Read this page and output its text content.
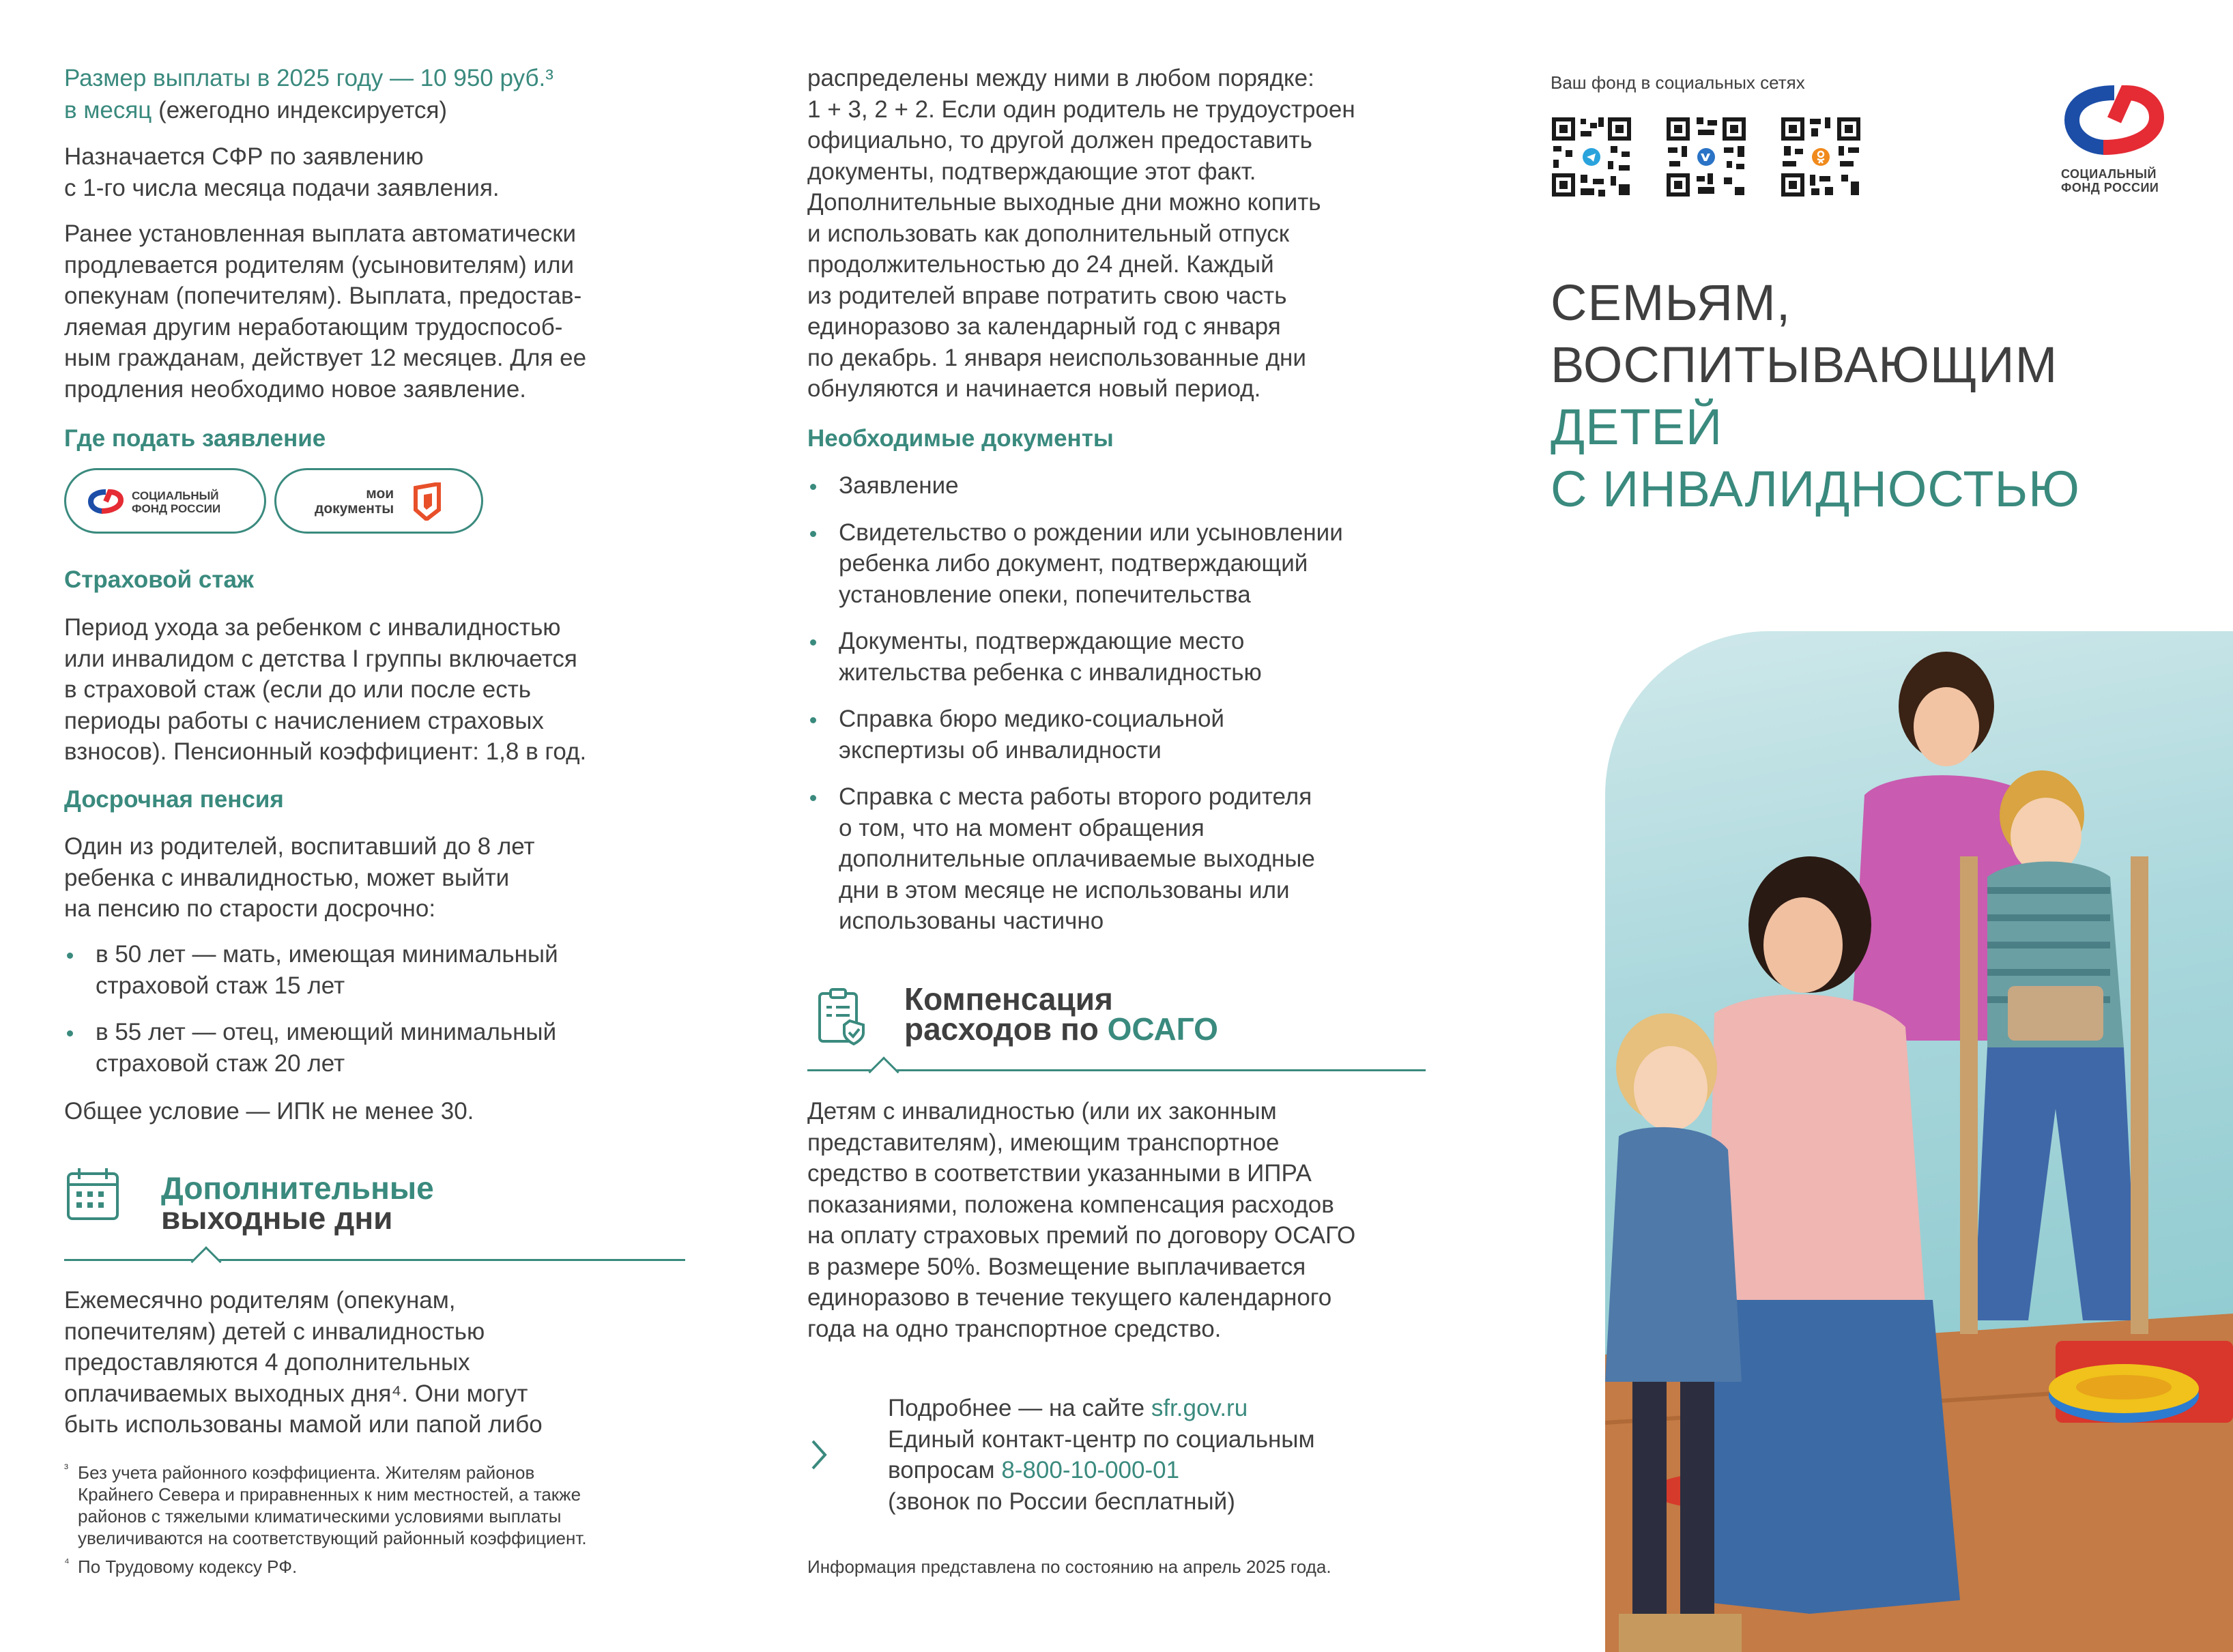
Размер выплаты в 2025 году — 10 950 руб.³

в месяц (ежегодно индексируется)

Назначается СФР по заявлению
с 1-го числа месяца подачи заявления.

Ранее установленная выплата автоматически
продлевается родителям (усыновителям) или
опекунам (попечителям). Выплата, предостав-
ляемая другим неработающим трудоспособ-
ным гражданам, действует 12 месяцев. Для ее
продления необходимо новое заявление.

Где подать заявление

СОЦИАЛЬНЫЙ
ФОНД РОССИИ
мои
документы

Страховой стаж

Период ухода за ребенком с инвалидностью
или инвалидом с детства I группы включается
в страховой стаж (если до или после есть
периоды работы с начислением страховых
взносов). Пенсионный коэффициент: 1,8 в год.

Досрочная пенсия

Один из родителей, воспитавший до 8 лет
ребенка с инвалидностью, может выйти
на пенсию по старости досрочно:

в 50 лет — мать, имеющая минимальный
страховой стаж 15 лет
в 55 лет — отец, имеющий минимальный
страховой стаж 20 лет

Общее условие — ИПК не менее 30.

Дополнительные
выходные дни

Ежемесячно родителям (опекунам,
попечителям) детей с инвалидностью
предоставляются 4 дополнительных
оплачиваемых выходных дня⁴. Они могут
быть использованы мамой или папой либо

³ Без учета районного коэффициента. Жителям районов
Крайнего Севера и приравненных к ним местностей, а также
районов с тяжелыми климатическими условиями выплаты
увеличиваются на соответствующий районный коэффициент.
⁴ По Трудовому кодексу РФ.

распределены между ними в любом порядке:
1 + 3, 2 + 2. Если один родитель не трудоустроен
официально, то другой должен предоставить
документы, подтверждающие этот факт.
Дополнительные выходные дни можно копить
и использовать как дополнительный отпуск
продолжительностью до 24 дней. Каждый
из родителей вправе потратить свою часть
единоразово за календарный год с января
по декабрь. 1 января неиспользованные дни
обнуляются и начинается новый период.

Необходимые документы

Заявление
Свидетельство о рождении или усыновлении
ребенка либо документ, подтверждающий
установление опеки, попечительства
Документы, подтверждающие место
жительства ребенка с инвалидностью
Справка бюро медико-социальной
экспертизы об инвалидности
Справка с места работы второго родителя
о том, что на момент обращения
дополнительные оплачиваемые выходные
дни в этом месяце не использованы или
использованы частично
Компенсация
расходов по ОСАГО

Детям с инвалидностью (или их законным
представителям), имеющим транспортное
средство в соответствии указанными в ИПРА
показаниями, положена компенсация расходов
на оплату страховых премий по договору ОСАГО
в размере 50%. Возмещение выплачивается
единоразово в течение текущего календарного
года на одно транспортное средство.

Подробнее — на сайте sfr.gov.ru
Единый контакт-центр по социальным
вопросам 8-800-10-000-01
(звонок по России бесплатный)

Информация представлена по состоянию на апрель 2025 года.

Ваш фонд в социальных сетях

СОЦИАЛЬНЫЙ
ФОНД РОССИИ
СЕМЬЯМ,
ВОСПИТЫВАЮЩИМ
ДЕТЕЙ
С ИНВАЛИДНОСТЬЮ
